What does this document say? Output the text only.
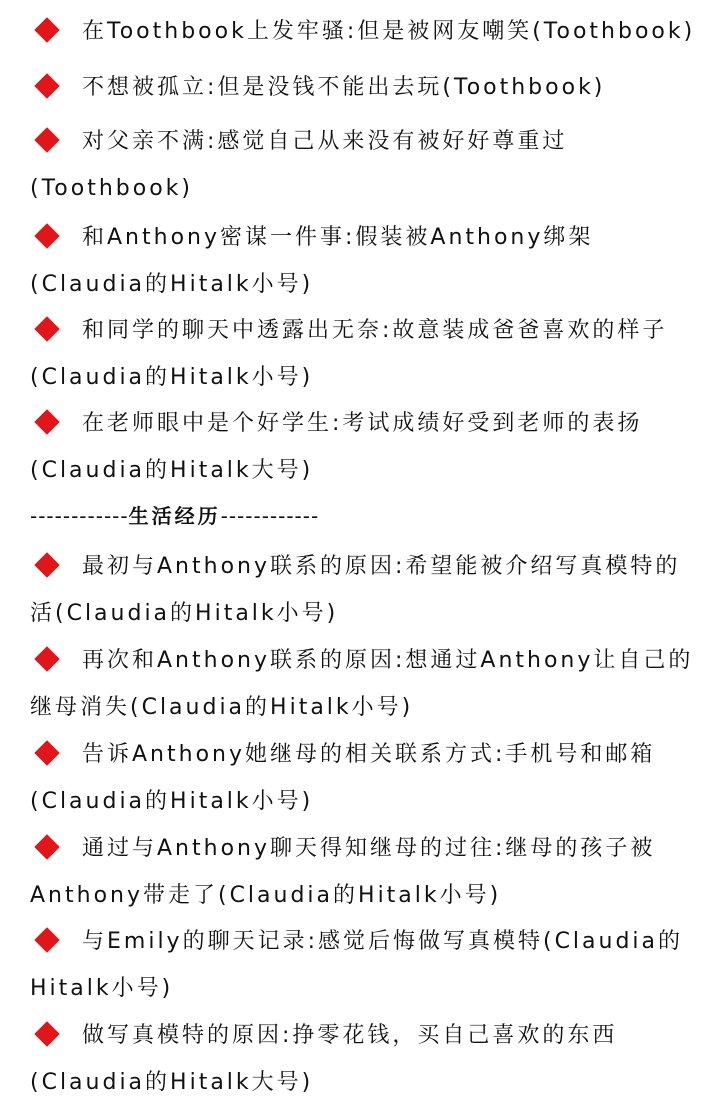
在Toothbook上发牢骚:但是被网友嘲笑(Toothbook)
不想被孤立:但是没钱不能出去玩(Toothbook)
对父亲不满:感觉自己从来没有被好好尊重过(Toothbook)
和Anthony密谋一件事:假装被Anthony绑架(Claudia的Hitalk小号)
和同学的聊天中透露出无奈:故意装成爸爸喜欢的样子(Claudia的Hitalk小号)
在老师眼中是个好学生:考试成绩好受到老师的表扬(Claudia的Hitalk大号)
------------生活经历------------
最初与Anthony联系的原因:希望能被介绍写真模特的活(Claudia的Hitalk小号)
再次和Anthony联系的原因:想通过Anthony让自己的继母消失(Claudia的Hitalk小号)
告诉Anthony她继母的相关联系方式:手机号和邮箱(Claudia的Hitalk小号)
通过与Anthony聊天得知继母的过往:继母的孩子被Anthony带走了(Claudia的Hitalk小号)
与Emily的聊天记录:感觉后悔做写真模特(Claudia的Hitalk小号)
做写真模特的原因:挣零花钱，买自己喜欢的东西(Claudia的Hitalk大号)
